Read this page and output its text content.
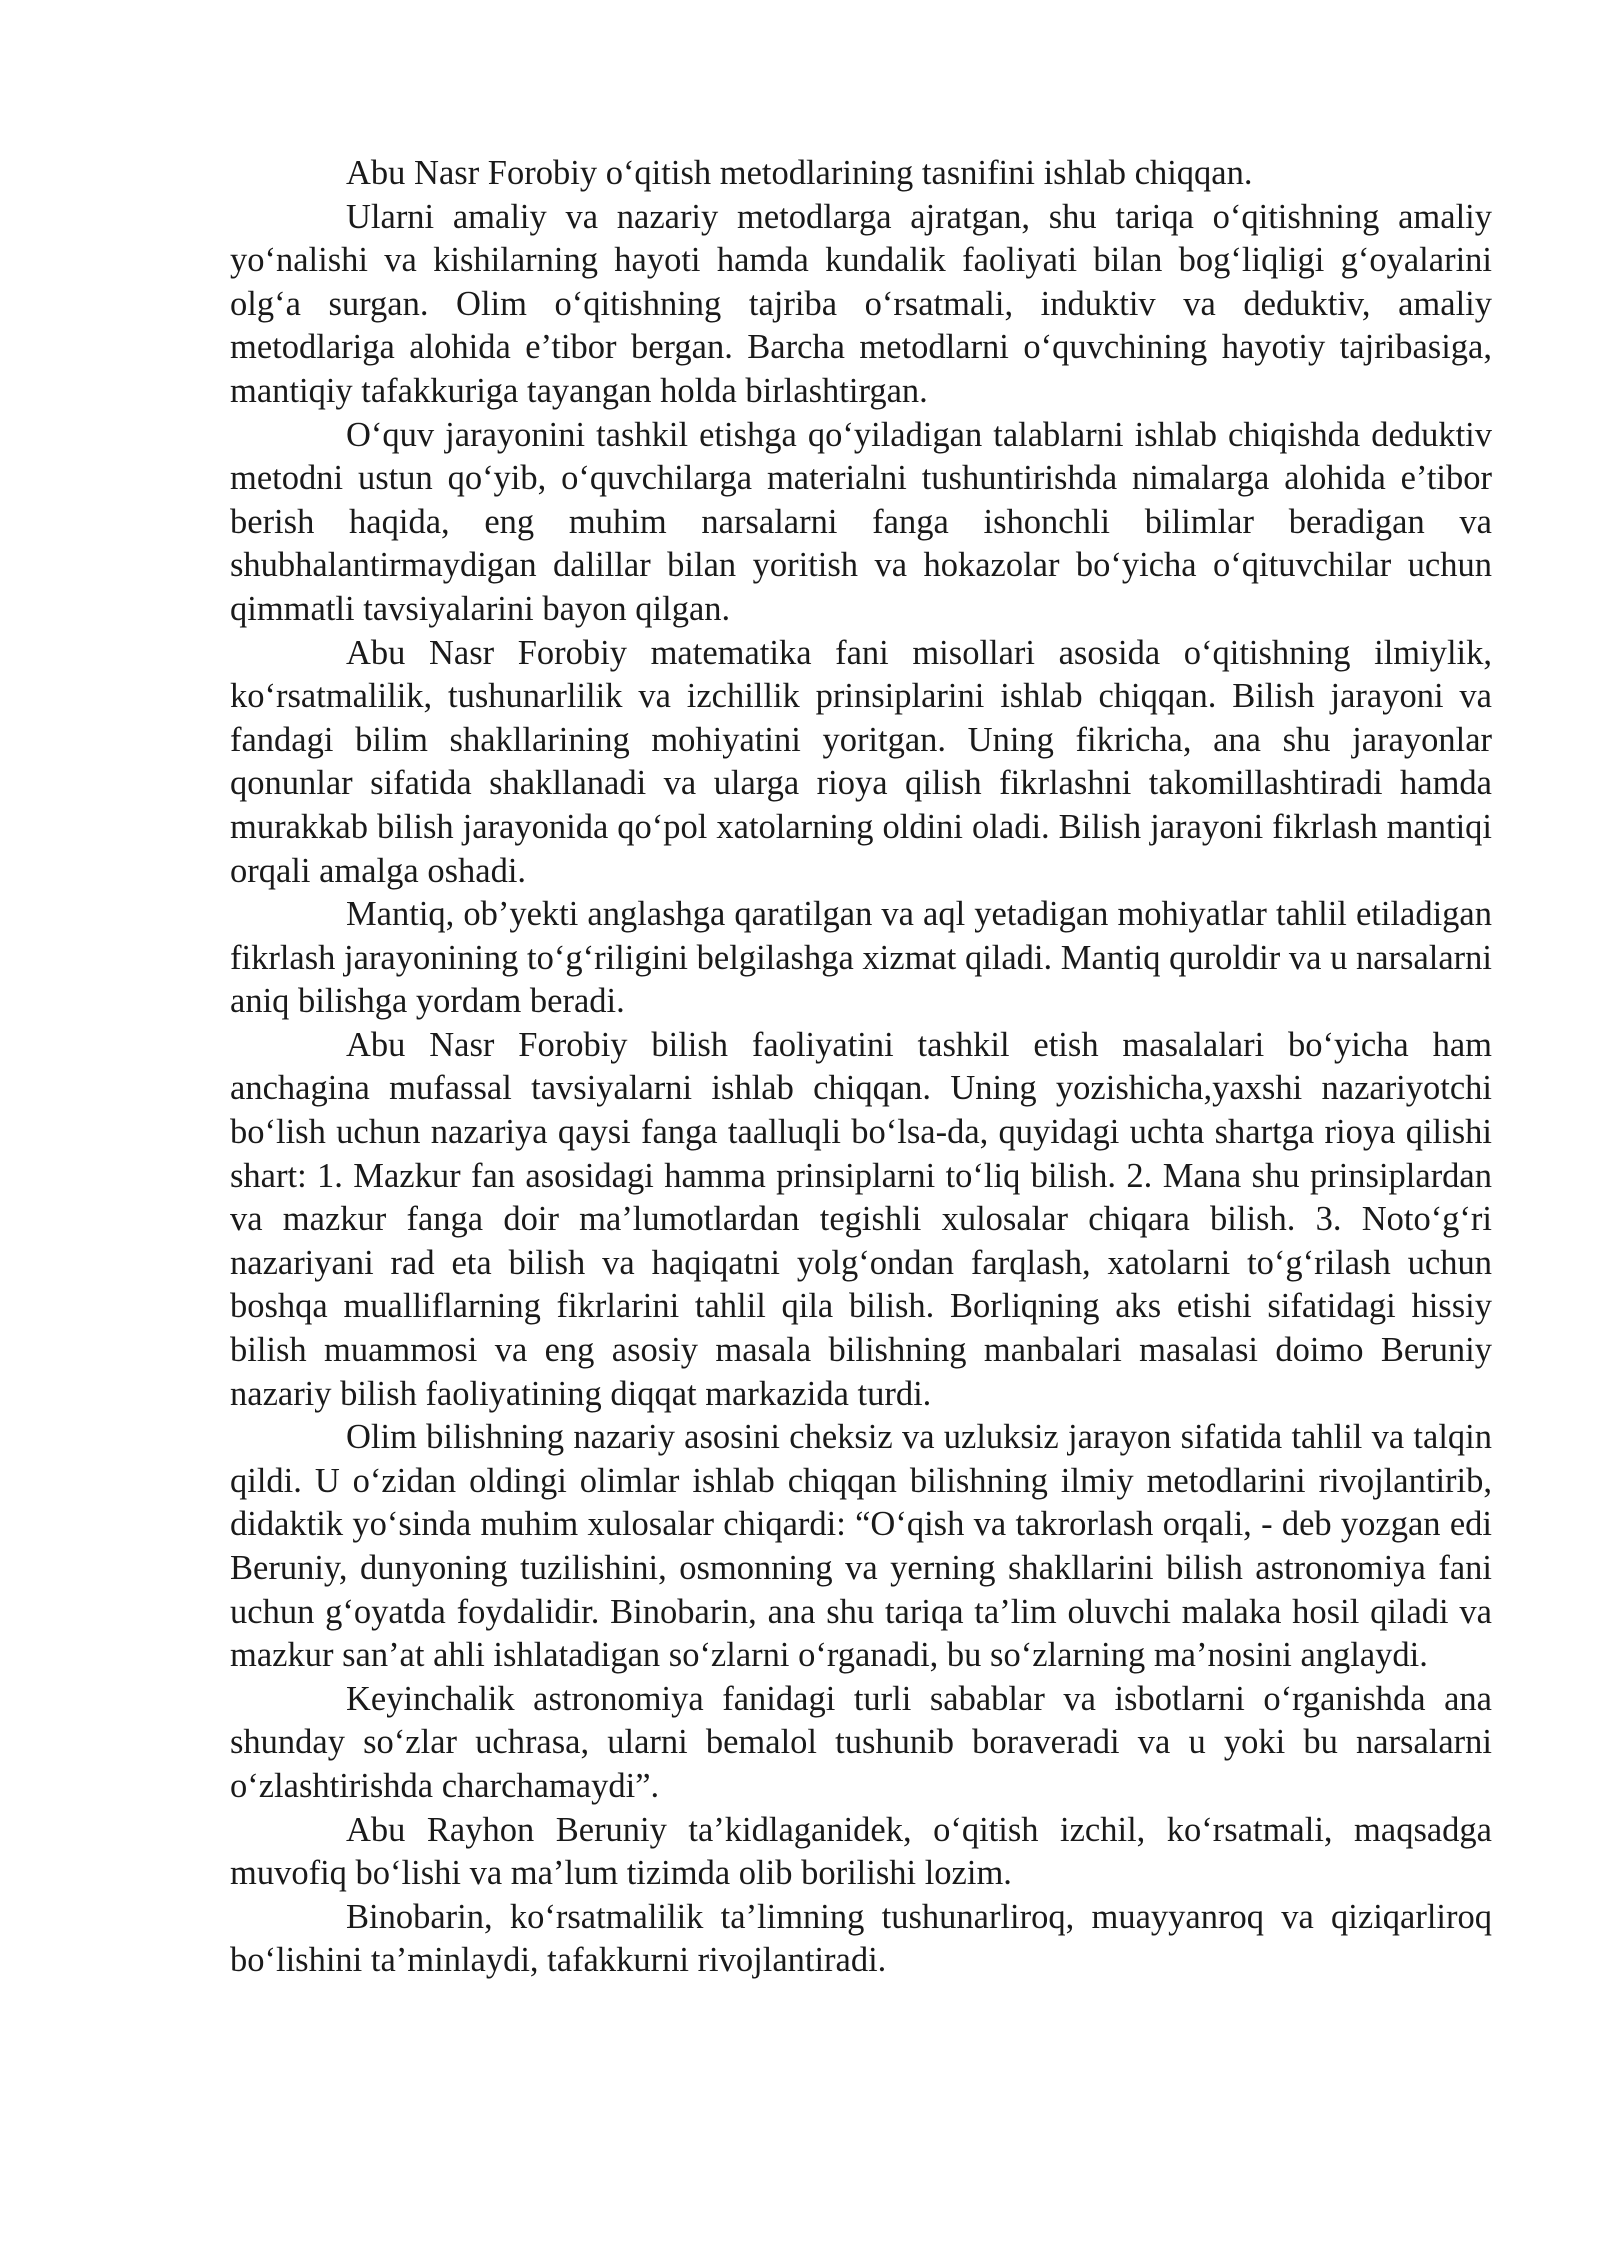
Abu Nasr Forobiy o‘qitish metodlarining tasnifini ishlab chiqqan.

Ularni amaliy va nazariy metodlarga ajratgan, shu tariqa o‘qitishning amaliy yo‘nalishi va kishilarning hayoti hamda kundalik faoliyati bilan bog‘liqligi g‘oyalarini olg‘a surgan. Olim o‘qitishning tajriba o‘rsatmali, induktiv va deduktiv, amaliy metodlariga alohida e’tibor bergan. Barcha metodlarni o‘quvchining hayotiy tajribasiga, mantiqiy tafakkuriga tayangan holda birlashtirgan.

O‘quv jarayonini tashkil etishga qo‘yiladigan talablarni ishlab chiqishda deduktiv metodni ustun qo‘yib, o‘quvchilarga materialni tushuntirishda nimalarga alohida e’tibor berish haqida, eng muhim narsalarni fanga ishonchli bilimlar beradigan va shubhalantirmaydigan dalillar bilan yoritish va hokazolar bo‘yicha o‘qituvchilar uchun qimmatli tavsiyalarini bayon qilgan.

Abu Nasr Forobiy matematika fani misollari asosida o‘qitishning ilmiylik, ko‘rsatmalilik, tushunarlilik va izchillik prinsiplarini ishlab chiqqan. Bilish jarayoni va fandagi bilim shakllarining mohiyatini yoritgan. Uning fikricha, ana shu jarayonlar qonunlar sifatida shakllanadi va ularga rioya qilish fikrlashni takomillashtiradi hamda murakkab bilish jarayonida qo‘pol xatolarning oldini oladi. Bilish jarayoni fikrlash mantiqi orqali amalga oshadi.

Mantiq, ob’yekti anglashga qaratilgan va aql yetadigan mohiyatlar tahlil etiladigan fikrlash jarayonining to‘g‘riligini belgilashga xizmat qiladi. Mantiq quroldir va u narsalarni aniq bilishga yordam beradi.

Abu Nasr Forobiy bilish faoliyatini tashkil etish masalalari bo‘yicha ham anchagina mufassal tavsiyalarni ishlab chiqqan. Uning yozishicha,yaxshi nazariyotchi bo‘lish uchun nazariya qaysi fanga taalluqli bo‘lsa-da, quyidagi uchta shartga rioya qilishi shart: 1. Mazkur fan asosidagi hamma prinsiplarni to‘liq bilish. 2. Mana shu prinsiplardan va mazkur fanga doir ma’lumotlardan tegishli xulosalar chiqara bilish. 3. Noto‘g‘ri nazariyani rad eta bilish va haqiqatni yolg‘ondan farqlash, xatolarni to‘g‘rilash uchun boshqa mualliflarning fikrlarini tahlil qila bilish. Borliqning aks etishi sifatidagi hissiy bilish muammosi va eng asosiy masala bilishning manbalari masalasi doimo Beruniy nazariy bilish faoliyatining diqqat markazida turdi.

Olim bilishning nazariy asosini cheksiz va uzluksiz jarayon sifatida tahlil va talqin qildi. U o‘zidan oldingi olimlar ishlab chiqqan bilishning ilmiy metodlarini rivojlantirib, didaktik yo‘sinda muhim xulosalar chiqardi: “O‘qish va takrorlash orqali, - deb yozgan edi Beruniy, dunyoning tuzilishini, osmonning va yerning shakllarini bilish astronomiya fani uchun g‘oyatda foydalidir. Binobarin, ana shu tariqa ta’lim oluvchi malaka hosil qiladi va mazkur san’at ahli ishlatadigan so‘zlarni o‘rganadi, bu so‘zlarning ma’nosini anglaydi.

Keyinchalik astronomiya fanidagi turli sabablar va isbotlarni o‘rganishda ana shunday so‘zlar uchrasa, ularni bemalol tushunib boraveradi va u yoki bu narsalarni o‘zlashtirishda charchamaydi”.

Abu Rayhon Beruniy ta’kidlaganidek, o‘qitish izchil, ko‘rsatmali, maqsadga muvofiq bo‘lishi va ma’lum tizimda olib borilishi lozim.

Binobarin, ko‘rsatmalilik ta’limning tushunarliroq, muayyanroq va qiziqarliroq bo‘lishini ta’minlaydi, tafakkurni rivojlantiradi.
